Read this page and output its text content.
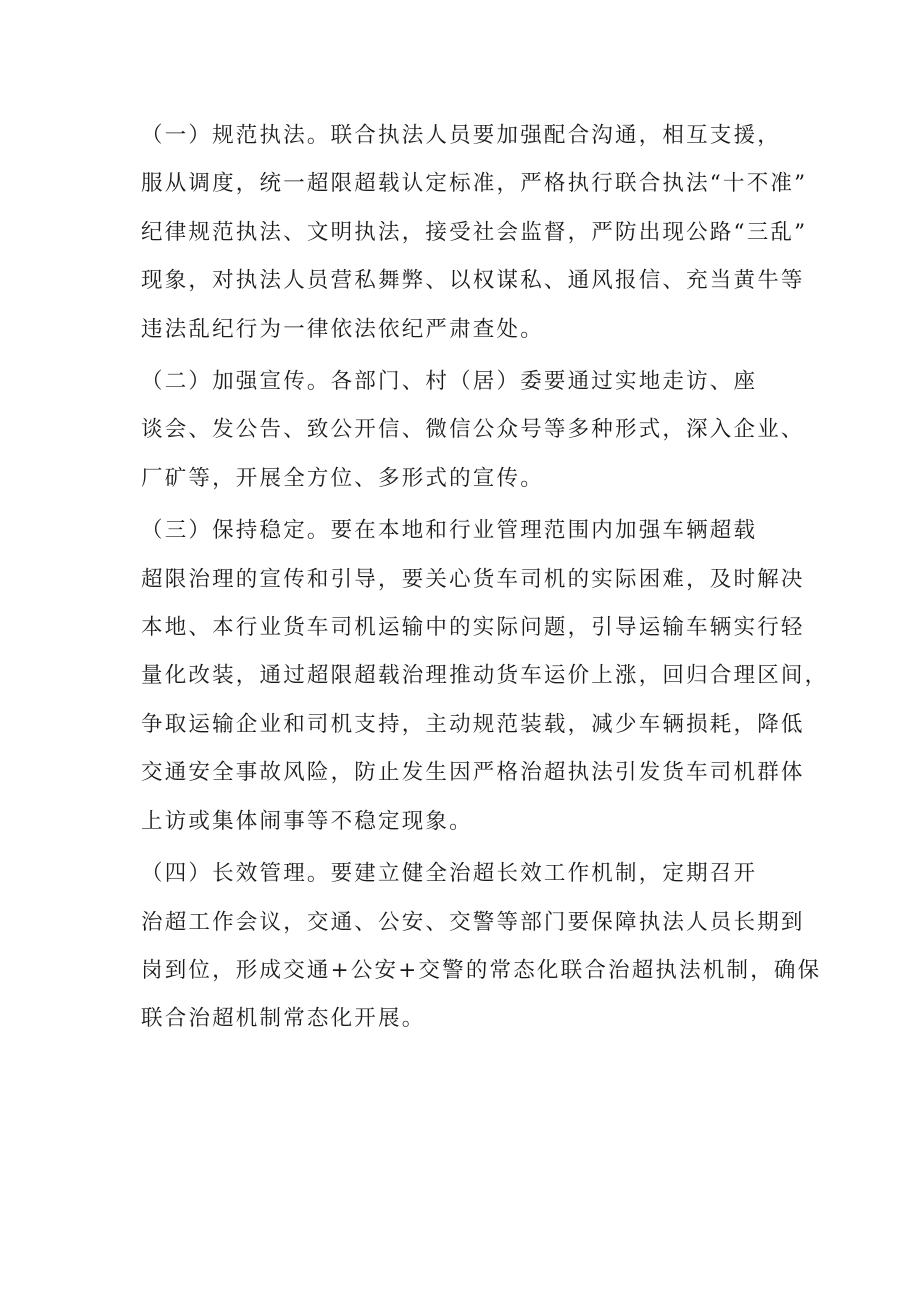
（一）规范执法。联合执法人员要加强配合沟通，相互支援，
服从调度，统一超限超载认定标准，严格执行联合执法“十不准”
纪律规范执法、文明执法，接受社会监督，严防出现公路“三乱”
现象，对执法人员营私舞弊、以权谋私、通风报信、充当黄牛等
违法乱纪行为一律依法依纪严肃查处。

（二）加强宣传。各部门、村（居）委要通过实地走访、座
谈会、发公告、致公开信、微信公众号等多种形式，深入企业、
厂矿等，开展全方位、多形式的宣传。

（三）保持稳定。要在本地和行业管理范围内加强车辆超载
超限治理的宣传和引导，要关心货车司机的实际困难，及时解决
本地、本行业货车司机运输中的实际问题，引导运输车辆实行轻
量化改装，通过超限超载治理推动货车运价上涨，回归合理区间，
争取运输企业和司机支持，主动规范装载，减少车辆损耗，降低
交通安全事故风险，防止发生因严格治超执法引发货车司机群体
上访或集体闹事等不稳定现象。

（四）长效管理。要建立健全治超长效工作机制，定期召开
治超工作会议，交通、公安、交警等部门要保障执法人员长期到
岗到位，形成交通+公安+交警的常态化联合治超执法机制，确保
联合治超机制常态化开展。
